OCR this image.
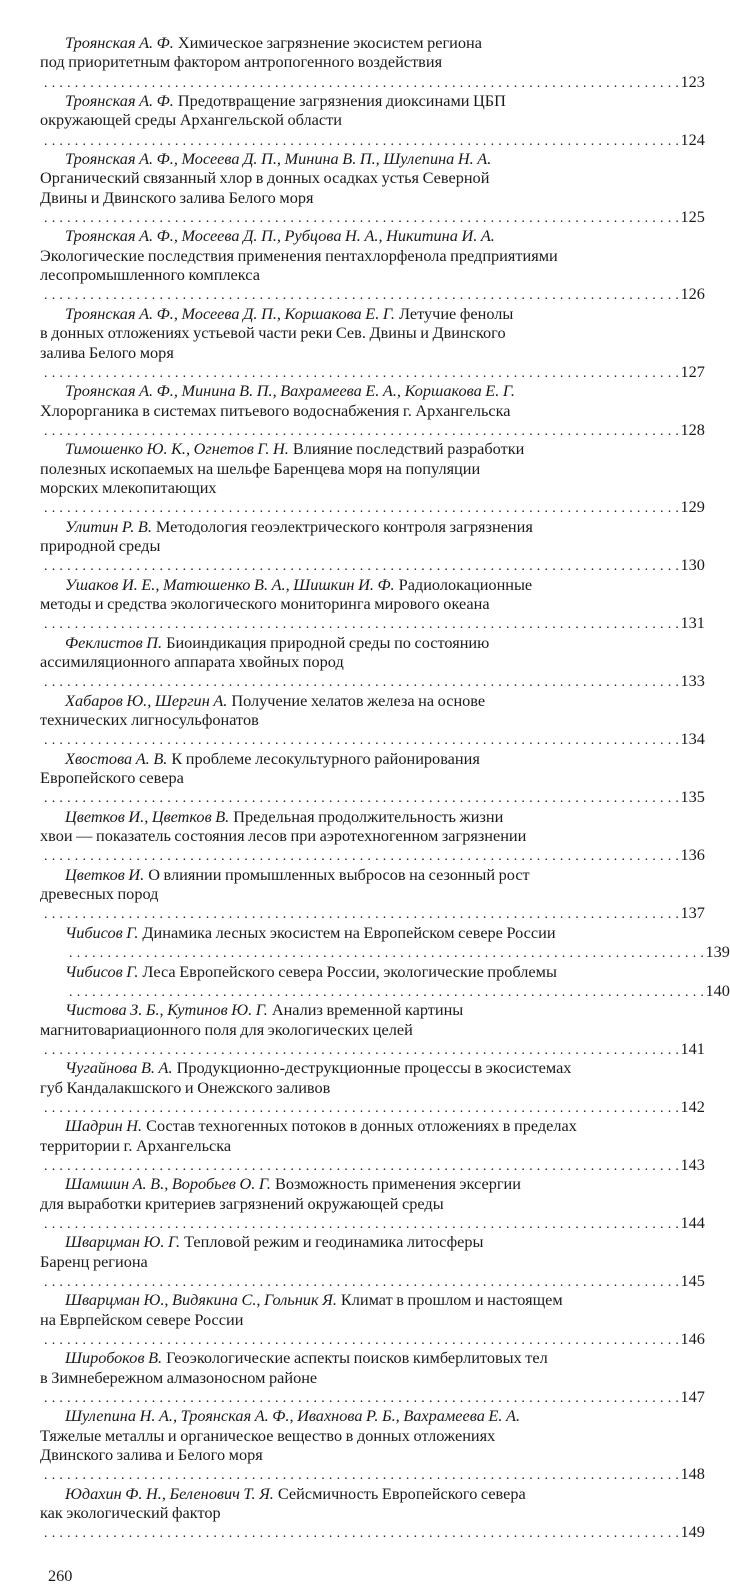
Троянская А. Ф. Химическое загрязнение экосистем региона
под приоритетным фактором антропогенного воздействия
. . .
123
Троянская А. Ф. Предотвращение загрязнения диоксинами ЦБП
окружающей среды Архангельской области
. . .
124
Троянская А. Ф., Мосеева Д. П., Минина В. П., Шулепина Н. А.
Органический связанный хлор в донных осадках устья Северной
Двины и Двинского залива Белого моря
. . .
125
Троянская А. Ф., Мосеева Д. П., Рубцова Н. А., Никитина И. А.
Экологические последствия применения пентахлорфенола предприятиями
лесопромышленного комплекса
. . .
126
Троянская А. Ф., Мосеева Д. П., Коршакова Е. Г. Летучие фенолы
в донных отложениях устьевой части реки Сев. Двины и Двинского
залива Белого моря
. . .
127
Троянская А. Ф., Минина В. П., Вахрамеева Е. А., Коршакова Е. Г.
Хлорорганика в системах питьевого водоснабжения г. Архангельска
. . .
128
Тимошенко Ю. К., Огнетов Г. Н. Влияние последствий разработки
полезных ископаемых на шельфе Баренцева моря на популяции
морских млекопитающих
. . .
129
Улитин Р. В. Методология геоэлектрического контроля загрязнения
природной среды
. . .
130
Ушаков И. Е., Матюшенко В. А., Шишкин И. Ф. Радиолокационные
методы и средства экологического мониторинга мирового океана
. . .
131
Феклистов П. Биоиндикация природной среды по состоянию
ассимиляционного аппарата хвойных пород
. . .
133
Хабаров Ю., Шергин А. Получение хелатов железа на основе
технических лигносульфонатов
. . .
134
Хвостова А. В. К проблеме лесокультурного районирования
Европейского севера
. . .
135
Цветков И., Цветков В. Предельная продолжительность жизни
хвои — показатель состояния лесов при аэротехногенном загрязнении
. . .
136
Цветков И. О влиянии промышленных выбросов на сезонный рост
древесных пород
. . .
137
Чибисов Г. Динамика лесных экосистем на Европейском севере России
. . .
139
Чибисов Г. Леса Европейского севера России, экологические проблемы
. . .
140
Чистова З. Б., Кутинов Ю. Г. Анализ временной картины
магнитовариационного поля для экологических целей
. . .
141
Чугайнова В. А. Продукционно-деструкционные процессы в экосистемах
губ Кандалакшского и Онежского заливов
. . .
142
Шадрин Н. Состав техногенных потоков в донных отложениях в пределах
территории г. Архангельска
. . .
143
Шамшин А. В., Воробьев О. Г. Возможность применения эксергии
для выработки критериев загрязнений окружающей среды
. . .
144
Шварцман Ю. Г. Тепловой режим и геодинамика литосферы
Баренц региона
. . .
145
Шварцман Ю., Видякина С., Гольник Я. Климат в прошлом и настоящем
на Еврпейском севере России
. . .
146
Широбоков В. Геоэкологические аспекты поисков кимберлитовых тел
в Зимнебережном алмазоносном районе
. . .
147
Шулепина Н. А., Троянская А. Ф., Ивахнова Р. Б., Вахрамеева Е. А.
Тяжелые металлы и органическое вещество в донных отложениях
Двинского залива и Белого моря
. . .
148
Юдахин Ф. Н., Беленович Т. Я. Сейсмичность Европейского севера
как экологический фактор
. . .
149
260
